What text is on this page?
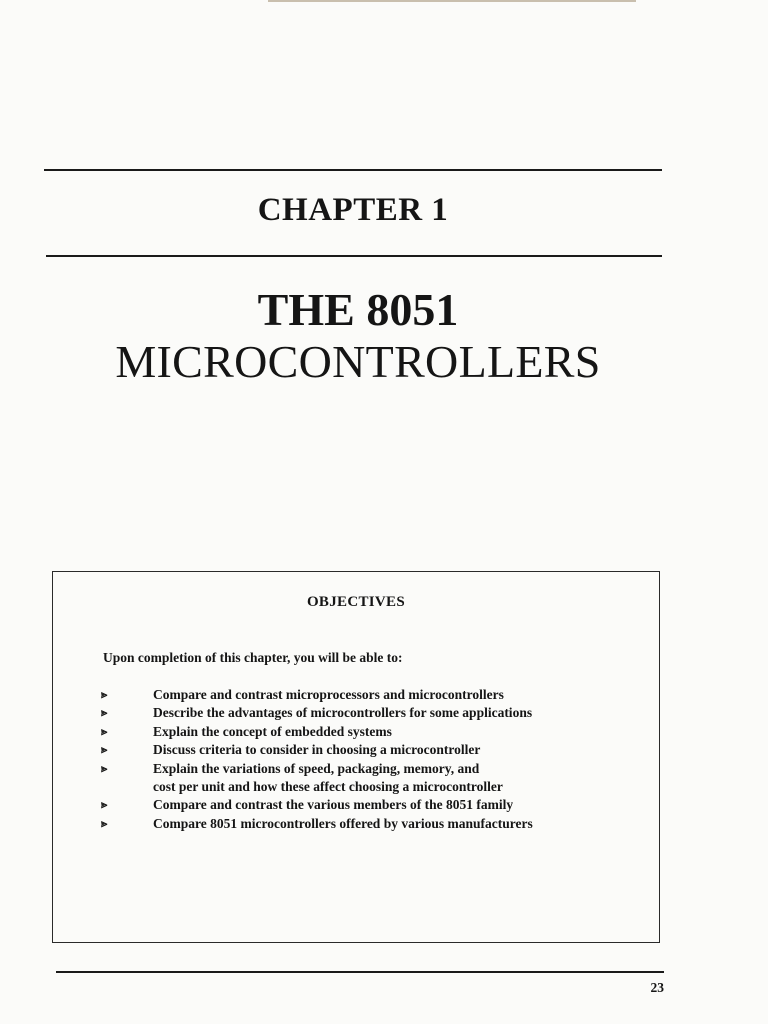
CHAPTER 1
THE 8051
MICROCONTROLLERS
OBJECTIVES
Upon completion of this chapter, you will be able to:
⪢	Compare and contrast microprocessors and microcontrollers
⪢	Describe the advantages of microcontrollers for some applications
⪢	Explain the concept of embedded systems
⪢	Discuss criteria to consider in choosing a microcontroller
⪢	Explain the variations of speed, packaging, memory, and
cost per unit and how these affect choosing a microcontroller
⪢	Compare and contrast the various members of the 8051 family
⪢	Compare 8051 microcontrollers offered by various manufacturers
23
